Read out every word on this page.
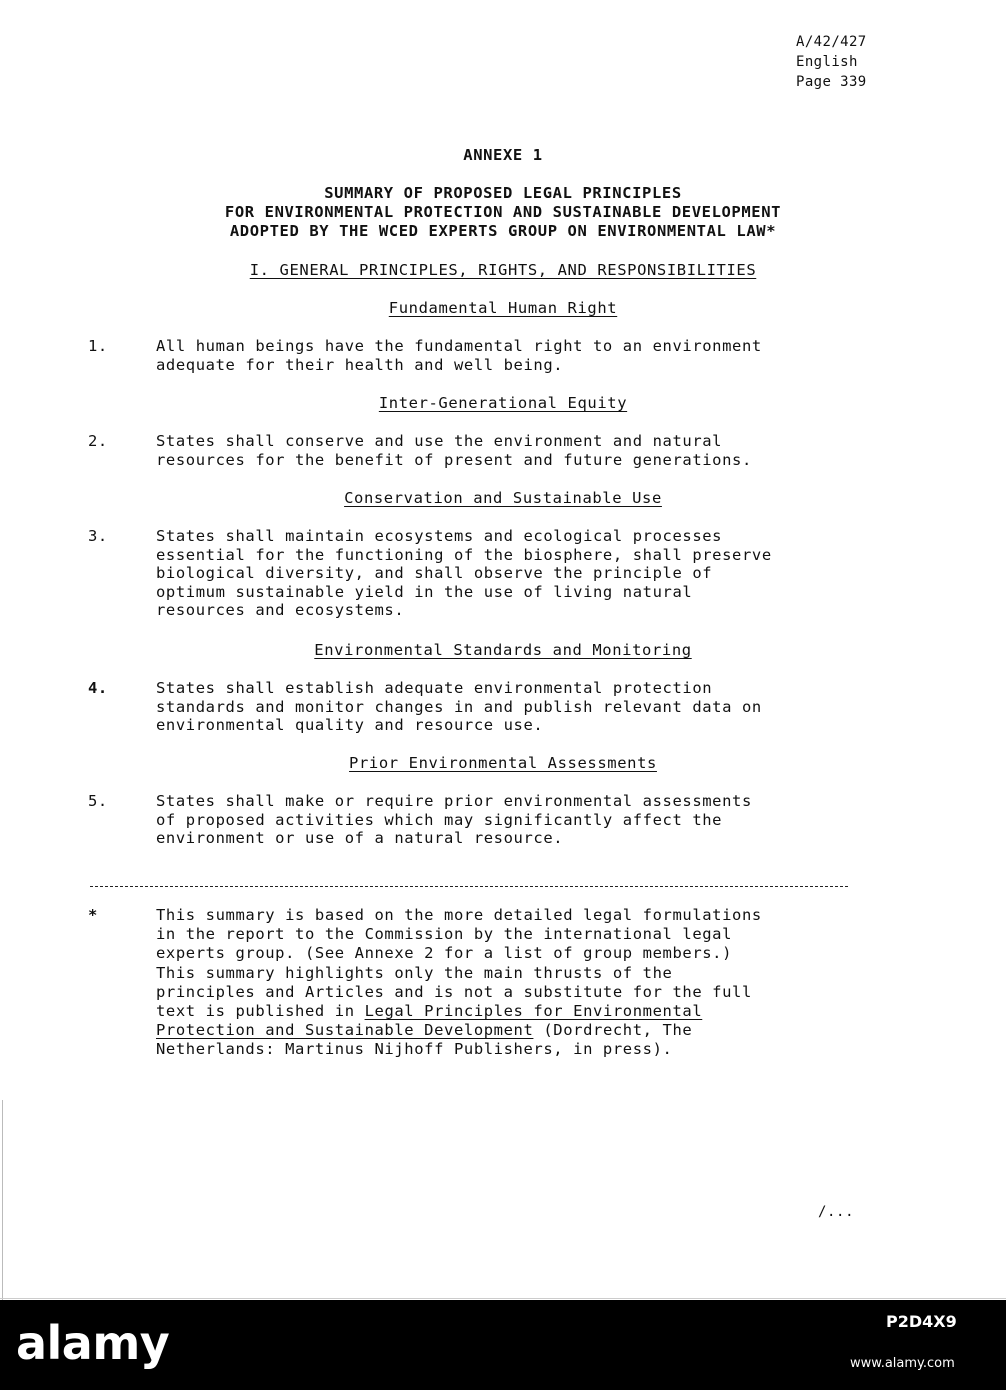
A/42/427
English
Page 339
ANNEXE 1
SUMMARY OF PROPOSED LEGAL PRINCIPLES
FOR ENVIRONMENTAL PROTECTION AND SUSTAINABLE DEVELOPMENT
ADOPTED BY THE WCED EXPERTS GROUP ON ENVIRONMENTAL LAW*
I. GENERAL PRINCIPLES, RIGHTS, AND RESPONSIBILITIES
Fundamental Human Right
1.	All human beings have the fundamental right to an environment
adequate for their health and well being.
Inter-Generational Equity
2.	States shall conserve and use the environment and natural
resources for the benefit of present and future generations.
Conservation and Sustainable Use
3.	States shall maintain ecosystems and ecological processes
essential for the functioning of the biosphere, shall preserve
biological diversity, and shall observe the principle of
optimum sustainable yield in the use of living natural
resources and ecosystems.
Environmental Standards and Monitoring
4.	States shall establish adequate environmental protection
standards and monitor changes in and publish relevant data on
environmental quality and resource use.
Prior Environmental Assessments
5.	States shall make or require prior environmental assessments
of proposed activities which may significantly affect the
environment or use of a natural resource.
*	This summary is based on the more detailed legal formulations
in the report to the Commission by the international legal
experts group. (See Annexe 2 for a list of group members.)
This summary highlights only the main thrusts of the
principles and Articles and is not a substitute for the full
text is published in Legal Principles for Environmental
Protection and Sustainable Development (Dordrecht, The
Netherlands: Martinus Nijhoff Publishers, in press).
/...
alamy	P2D4X9
www.alamy.com
